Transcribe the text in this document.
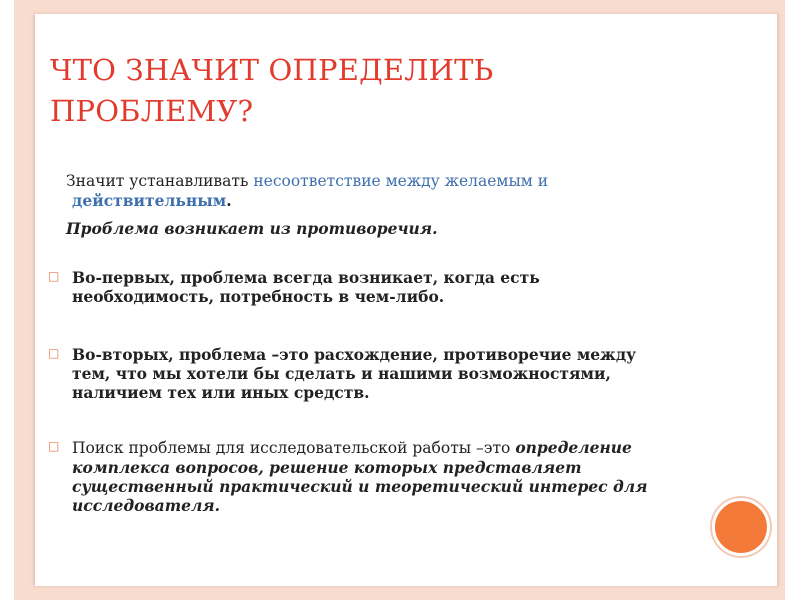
ЧТО ЗНАЧИТ ОПРЕДЕЛИТЬ
ПРОБЛЕМУ?
Значит устанавливать несоответствие между желаемым и
действительным.
Проблема возникает из противоречия.
□ Во-первых, проблема всегда возникает, когда есть
необходимость, потребность в чем-либо.
□ Во-вторых, проблема –это расхождение, противоречие между
тем, что мы хотели бы сделать и нашими возможностями,
наличием тех или иных средств.
□ Поиск проблемы для исследовательской работы –это определение
комплекса вопросов, решение которых представляет
существенный практический и теоретический интерес для
исследователя.
